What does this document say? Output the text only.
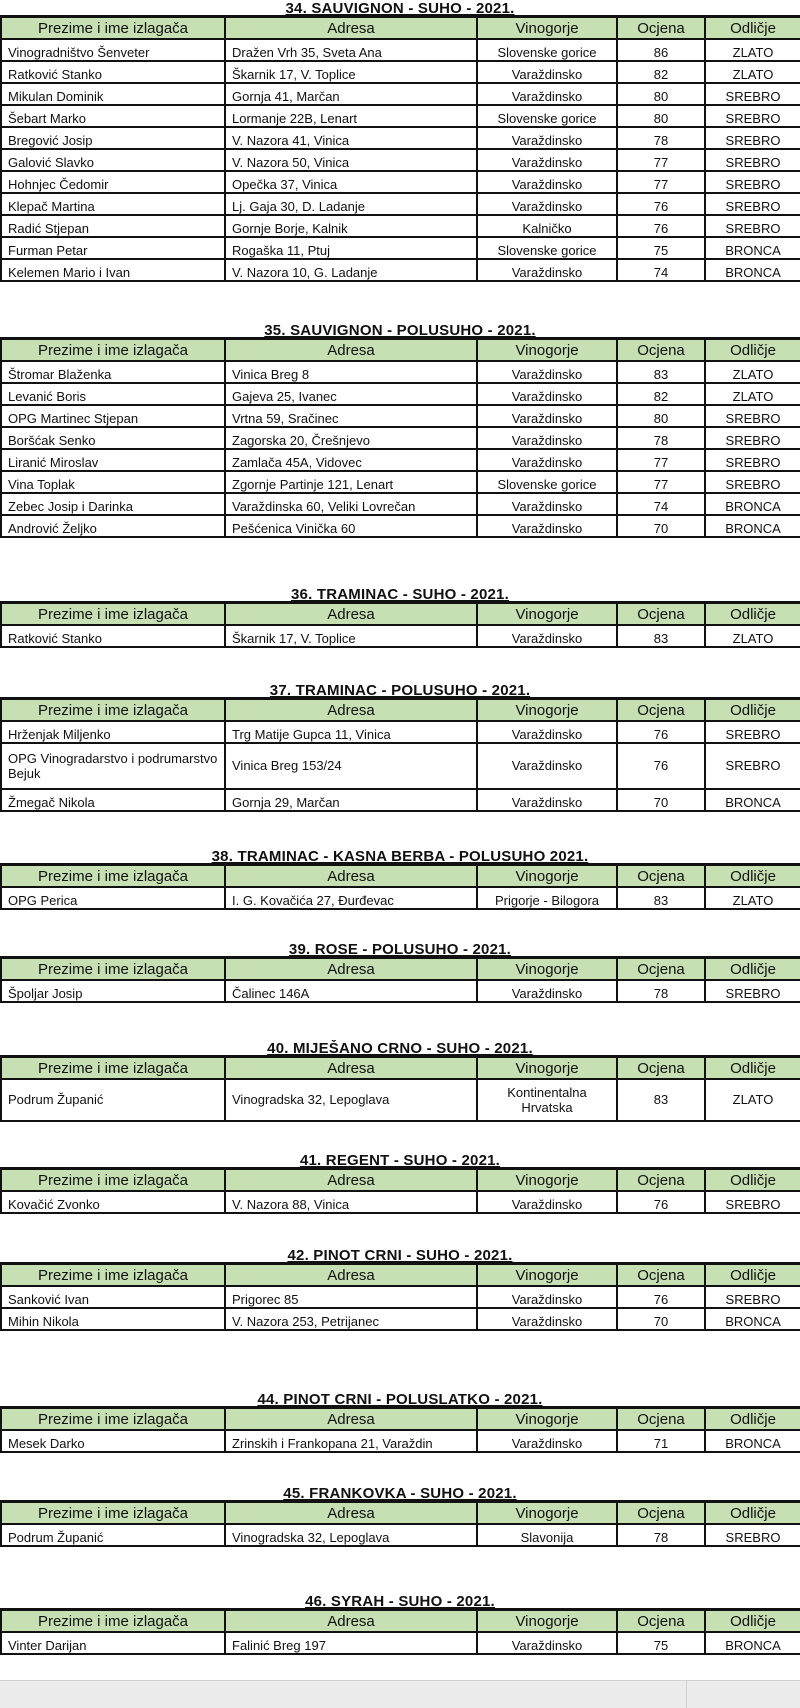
34. SAUVIGNON - SUHO - 2021.
Prezime i ime izlagača	Adresa	Vinogorje	Ocjena	Odličje
Vinogradništvo Šenveter	Dražen Vrh 35, Sveta Ana	Slovenske gorice	86	ZLATO
Ratković Stanko	Škarnik 17, V. Toplice	Varaždinsko	82	ZLATO
Mikulan Dominik	Gornja 41, Marčan	Varaždinsko	80	SREBRO
Šebart Marko	Lormanje 22B, Lenart	Slovenske gorice	80	SREBRO
Bregović Josip	V. Nazora 41, Vinica	Varaždinsko	78	SREBRO
Galović Slavko	V. Nazora 50, Vinica	Varaždinsko	77	SREBRO
Hohnjec Čedomir	Opečka 37, Vinica	Varaždinsko	77	SREBRO
Klepač Martina	Lj. Gaja 30, D. Ladanje	Varaždinsko	76	SREBRO
Radić Stjepan	Gornje Borje, Kalnik	Kalničko	76	SREBRO
Furman Petar	Rogaška 11, Ptuj	Slovenske gorice	75	BRONCA
Kelemen Mario i Ivan	V. Nazora 10, G. Ladanje	Varaždinsko	74	BRONCA
35. SAUVIGNON - POLUSUHO - 2021.
Prezime i ime izlagača	Adresa	Vinogorje	Ocjena	Odličje
Štromar Blaženka	Vinica Breg 8	Varaždinsko	83	ZLATO
Levanić Boris	Gajeva 25, Ivanec	Varaždinsko	82	ZLATO
OPG Martinec Stjepan	Vrtna 59, Sračinec	Varaždinsko	80	SREBRO
Boršćak Senko	Zagorska 20, Črešnjevo	Varaždinsko	78	SREBRO
Liranić Miroslav	Zamlača 45A, Vidovec	Varaždinsko	77	SREBRO
Vina Toplak	Zgornje Partinje 121, Lenart	Slovenske gorice	77	SREBRO
Zebec Josip i Darinka	Varaždinska 60, Veliki Lovrečan	Varaždinsko	74	BRONCA
Andrović Željko	Pešćenica Vinička 60	Varaždinsko	70	BRONCA
36. TRAMINAC - SUHO - 2021.
Prezime i ime izlagača	Adresa	Vinogorje	Ocjena	Odličje
Ratković Stanko	Škarnik 17, V. Toplice	Varaždinsko	83	ZLATO
37. TRAMINAC - POLUSUHO - 2021.
Prezime i ime izlagača	Adresa	Vinogorje	Ocjena	Odličje
Hrženjak Miljenko	Trg Matije Gupca 11, Vinica	Varaždinsko	76	SREBRO
OPG Vinogradarstvo i podrumarstvo Bejuk	Vinica Breg 153/24	Varaždinsko	76	SREBRO
Žmegač Nikola	Gornja 29, Marčan	Varaždinsko	70	BRONCA
38. TRAMINAC - KASNA BERBA - POLUSUHO 2021.
Prezime i ime izlagača	Adresa	Vinogorje	Ocjena	Odličje
OPG Perica	I. G. Kovačića 27, Đurđevac	Prigorje - Bilogora	83	ZLATO
39. ROSE - POLUSUHO - 2021.
Prezime i ime izlagača	Adresa	Vinogorje	Ocjena	Odličje
Špoljar Josip	Čalinec 146A	Varaždinsko	78	SREBRO
40. MIJEŠANO CRNO - SUHO - 2021.
Prezime i ime izlagača	Adresa	Vinogorje	Ocjena	Odličje
Podrum Županić	Vinogradska 32, Lepoglava	Kontinentalna Hrvatska	83	ZLATO
41. REGENT - SUHO - 2021.
Prezime i ime izlagača	Adresa	Vinogorje	Ocjena	Odličje
Kovačić Zvonko	V. Nazora 88, Vinica	Varaždinsko	76	SREBRO
42. PINOT CRNI - SUHO - 2021.
Prezime i ime izlagača	Adresa	Vinogorje	Ocjena	Odličje
Sanković Ivan	Prigorec 85	Varaždinsko	76	SREBRO
Mihin Nikola	V. Nazora 253, Petrijanec	Varaždinsko	70	BRONCA
44. PINOT CRNI - POLUSLATKO - 2021.
Prezime i ime izlagača	Adresa	Vinogorje	Ocjena	Odličje
Mesek Darko	Zrinskih i Frankopana 21, Varaždin	Varaždinsko	71	BRONCA
45. FRANKOVKA - SUHO - 2021.
Prezime i ime izlagača	Adresa	Vinogorje	Ocjena	Odličje
Podrum Županić	Vinogradska 32, Lepoglava	Slavonija	78	SREBRO
46. SYRAH - SUHO - 2021.
Prezime i ime izlagača	Adresa	Vinogorje	Ocjena	Odličje
Vinter Darijan	Falinić Breg 197	Varaždinsko	75	BRONCA
